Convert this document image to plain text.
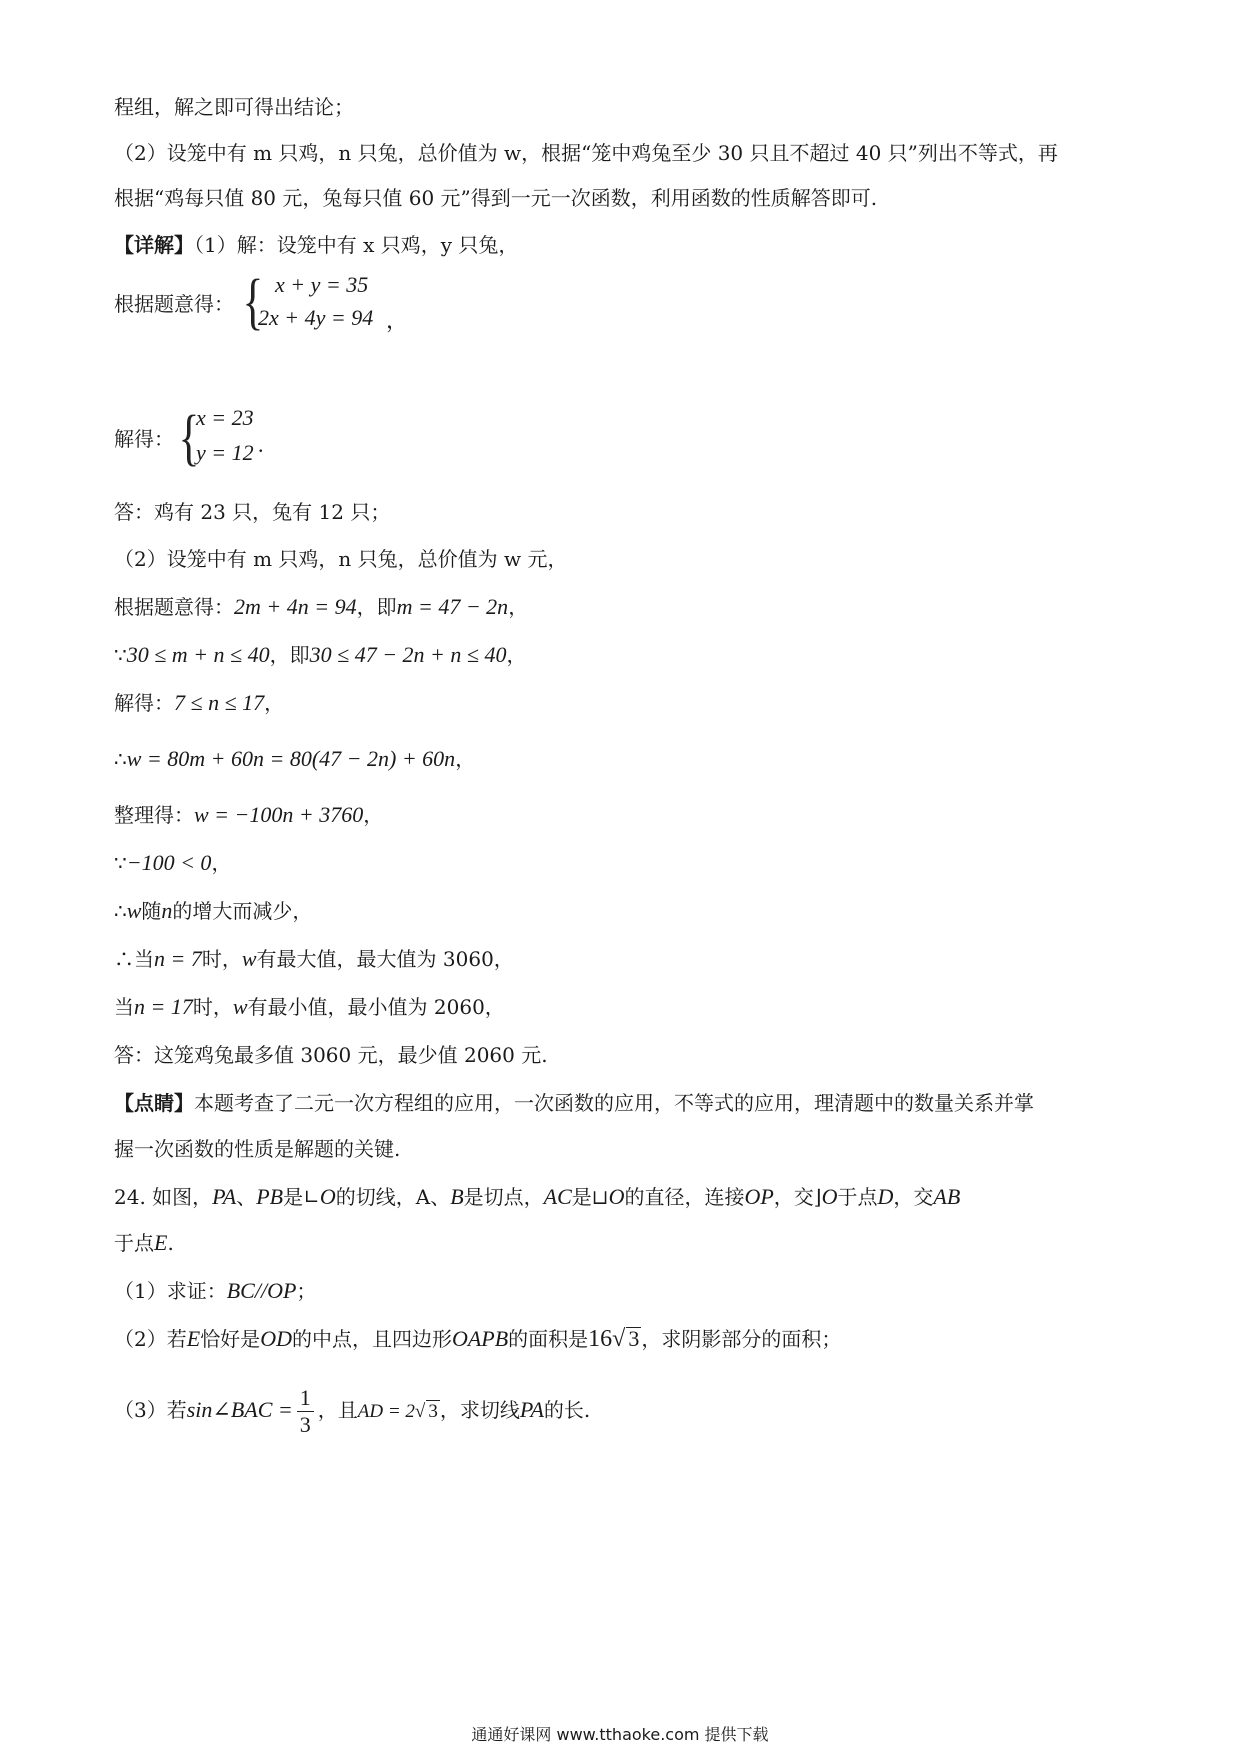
程组，解之即可得出结论；
（2）设笼中有 m 只鸡，n 只兔，总价值为 w，根据“笼中鸡兔至少 30 只且不超过 40 只”列出不等式，再
根据“鸡每只值 80 元，兔每只值 60 元”得到一元一次函数，利用函数的性质解答即可.
【详解】（1）解：设笼中有 x 只鸡，y 只兔，
根据题意得： { x + y = 35
2x + 4y = 94 ，
解得： {
x = 23
y = 12 .
答：鸡有 23 只，兔有 12 只；
（2）设笼中有 m 只鸡，n 只兔，总价值为 w 元，
根据题意得：2m + 4n = 94，即m = 47 − 2n，
∵30 ≤ m + n ≤ 40，即30 ≤ 47 − 2n + n ≤ 40，
解得：7 ≤ n ≤ 17，
∴w = 80m + 60n = 80(47 − 2n) + 60n，
整理得：w = −100n + 3760，
∵−100 < 0，
∴w随n的增大而减少，
∴当n = 7时，w有最大值，最大值为 3060，
当n = 17时，w有最小值，最小值为 2060，
答：这笼鸡兔最多值 3060 元，最少值 2060 元.
【点睛】本题考查了二元一次方程组的应用，一次函数的应用，不等式的应用，理清题中的数量关系并掌
握一次函数的性质是解题的关键.
24. 如图，PA、PB是∟O的切线，A、B是切点，AC是⊔O的直径，连接OP，交⌋O于点D，交AB
于点E.
（1）求证：BC//OP；
（2）若E恰好是OD的中点，且四边形OAPB的面积是16√ 3 ，求阴影部分的面积；
（3）若sin∠BAC = $\frac{1}{3}$ ，且AD = 2√ 3 ，求切线PA的长.
通通好课网 www.tthaoke.com 提供下载
